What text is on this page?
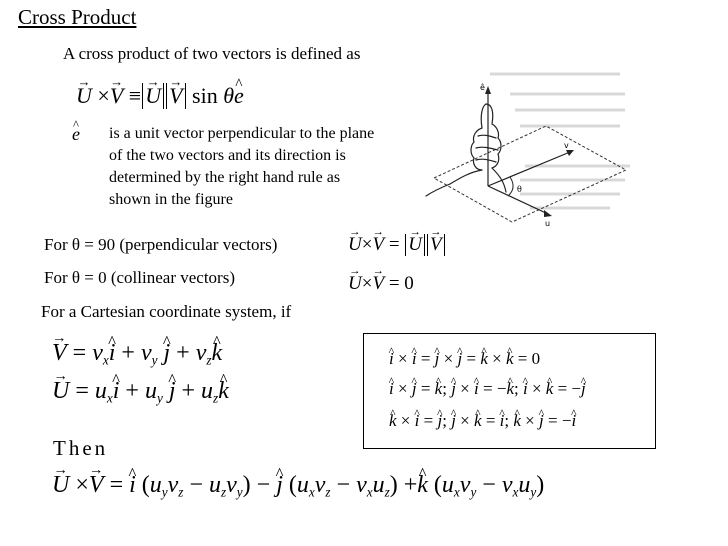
Cross Product
A cross product of two vectors is defined as
→ U ×→ V ≡ → U → V sin θ^ e
^ e is a unit vector perpendicular to the plane
of the two vectors and its direction is
determined by the right hand rule as
shown in the figure
ê
v
u
θ
For θ = 90 (perpendicular vectors)	→ U×→ V = → U → V
For θ = 0 (collinear vectors)	→ U×→ V = 0
For a Cartesian coordinate system, if
→ $V = v_x\^{}$ $i + v_y$ ^ $j + v_z\^{}$ k
→ $U = u_x\^{}$ $i + u_y$ ^ $j + u_z\^{}$ k
^ i × ^ i = ^ j × ^ j = ^ k × ^ k = 0
^ i × ^ j = ^ k; ^ j × ^ i = −^ k; ^ i × ^ k = −^ j
^ k × ^ i = ^ j; ^ j × ^ k = ^ i; ^ k × ^ j = −^ i
Then
→ U ×→ V = ^ i $(u_yv_z - u_zv_y)$ − ^ j $(u_xv_z - v_xu_z)$ +^ k $(u_xv_y - v_xu_y)$
